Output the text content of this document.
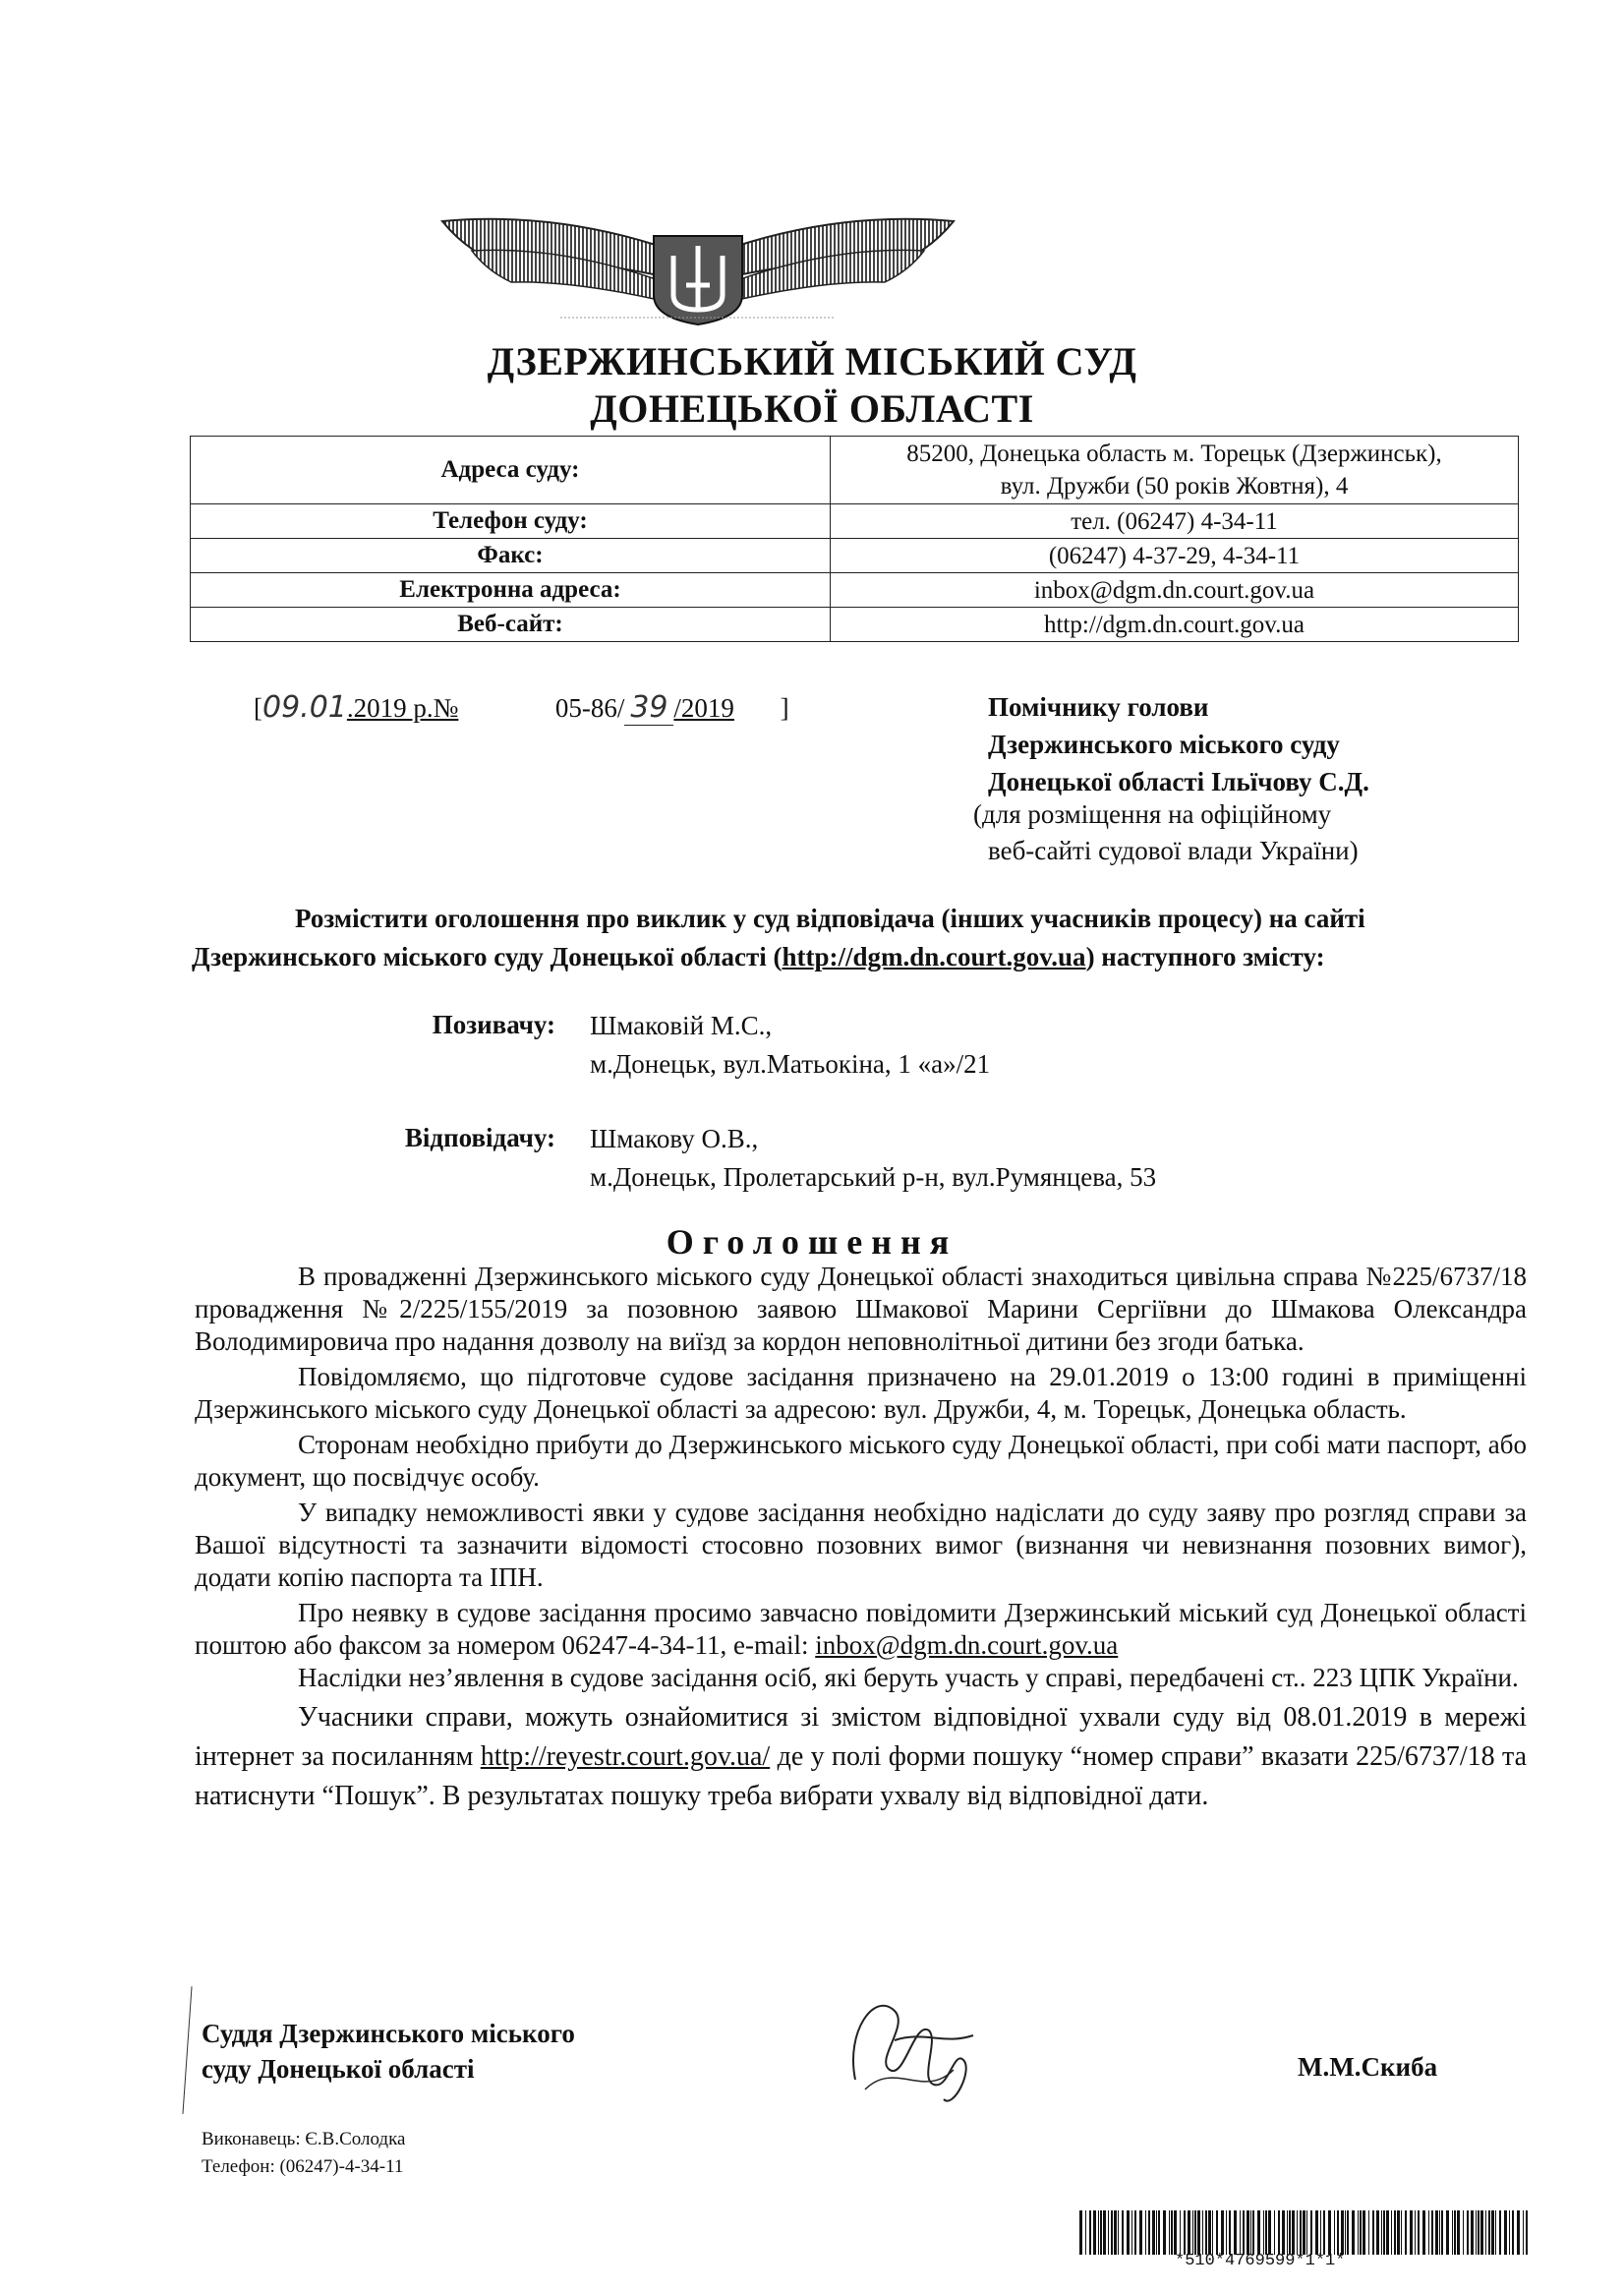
ДЗЕРЖИНСЬКИЙ МІСЬКИЙ СУД
ДОНЕЦЬКОЇ ОБЛАСТІ
Адреса суду:	85200, Донецька область м. Торецьк (Дзержинськ),
вул. Дружби (50 років Жовтня), 4

Телефон суду:	тел. (06247) 4-34-11
Факс:	(06247) 4-37-29, 4-34-11
Електронна адреса:	inbox@dgm.dn.court.gov.ua
Веб-сайт:	http://dgm.dn.court.gov.ua
[09.01.2019 р.№	05-86/ 39 /2019 ]	Помічнику голови
Дзержинського міського суду
Донецької області Ільїчову С.Д.
(для розміщення на офіційному
веб-сайті судової влади України)

Розмістити оголошення про виклик у суд відповідача (інших учасників процесу) на сайті

Дзержинського міського суду Донецької області (http://dgm.dn.court.gov.ua) наступного змісту:

Позивачу: Шмаковій М.С.,
м.Донецьк, вул.Матьокіна, 1 «а»/21
Відповідачу: Шмакову О.В.,
м.Донецьк, Пролетарський р-н, вул.Румянцева, 53
Оголошення

В провадженні Дзержинського міського суду Донецької області знаходиться цивільна справа №225/6737/18 провадження №2/225/155/2019 за позовною заявою Шмакової Марини Сергіївни до Шмакова Олександра Володимировича про надання дозволу на виїзд за кордон неповнолітньої дитини без згоди батька.

Повідомляємо, що підготовче судове засідання призначено на 29.01.2019 о 13:00 годині в приміщенні Дзержинського міського суду Донецької області за адресою: вул. Дружби, 4, м. Торецьк, Донецька область.

Сторонам необхідно прибути до Дзержинського міського суду Донецької області, при собі мати паспорт, або документ, що посвідчує особу.

У випадку неможливості явки у судове засідання необхідно надіслати до суду заяву про розгляд справи за Вашої відсутності та зазначити відомості стосовно позовних вимог (визнання чи невизнання позовних вимог), додати копію паспорта та ІПН.

Про неявку в судове засідання просимо завчасно повідомити Дзержинський міський суд Донецької області поштою або факсом за номером 06247-4-34-11, e-mail: inbox@dgm.dn.court.gov.ua

Наслідки нез’явлення в судове засідання осіб, які беруть участь у справі, передбачені ст.. 223 ЦПК України.

Учасники справи, можуть ознайомитися зі змістом відповідної ухвали суду від 08.01.2019 в мережі інтернет за посиланням http://reyestr.court.gov.ua/ де у полі форми пошуку “номер справи” вказати 225/6737/18 та натиснути “Пошук”. В результатах пошуку треба вибрати ухвалу від відповідної дати.

Суддя Дзержинського міського
суду Донецької області	М.М.Скиба
Виконавець: Є.В.Солодка
Телефон: (06247)-4-34-11
*510*4769599*1*1*
